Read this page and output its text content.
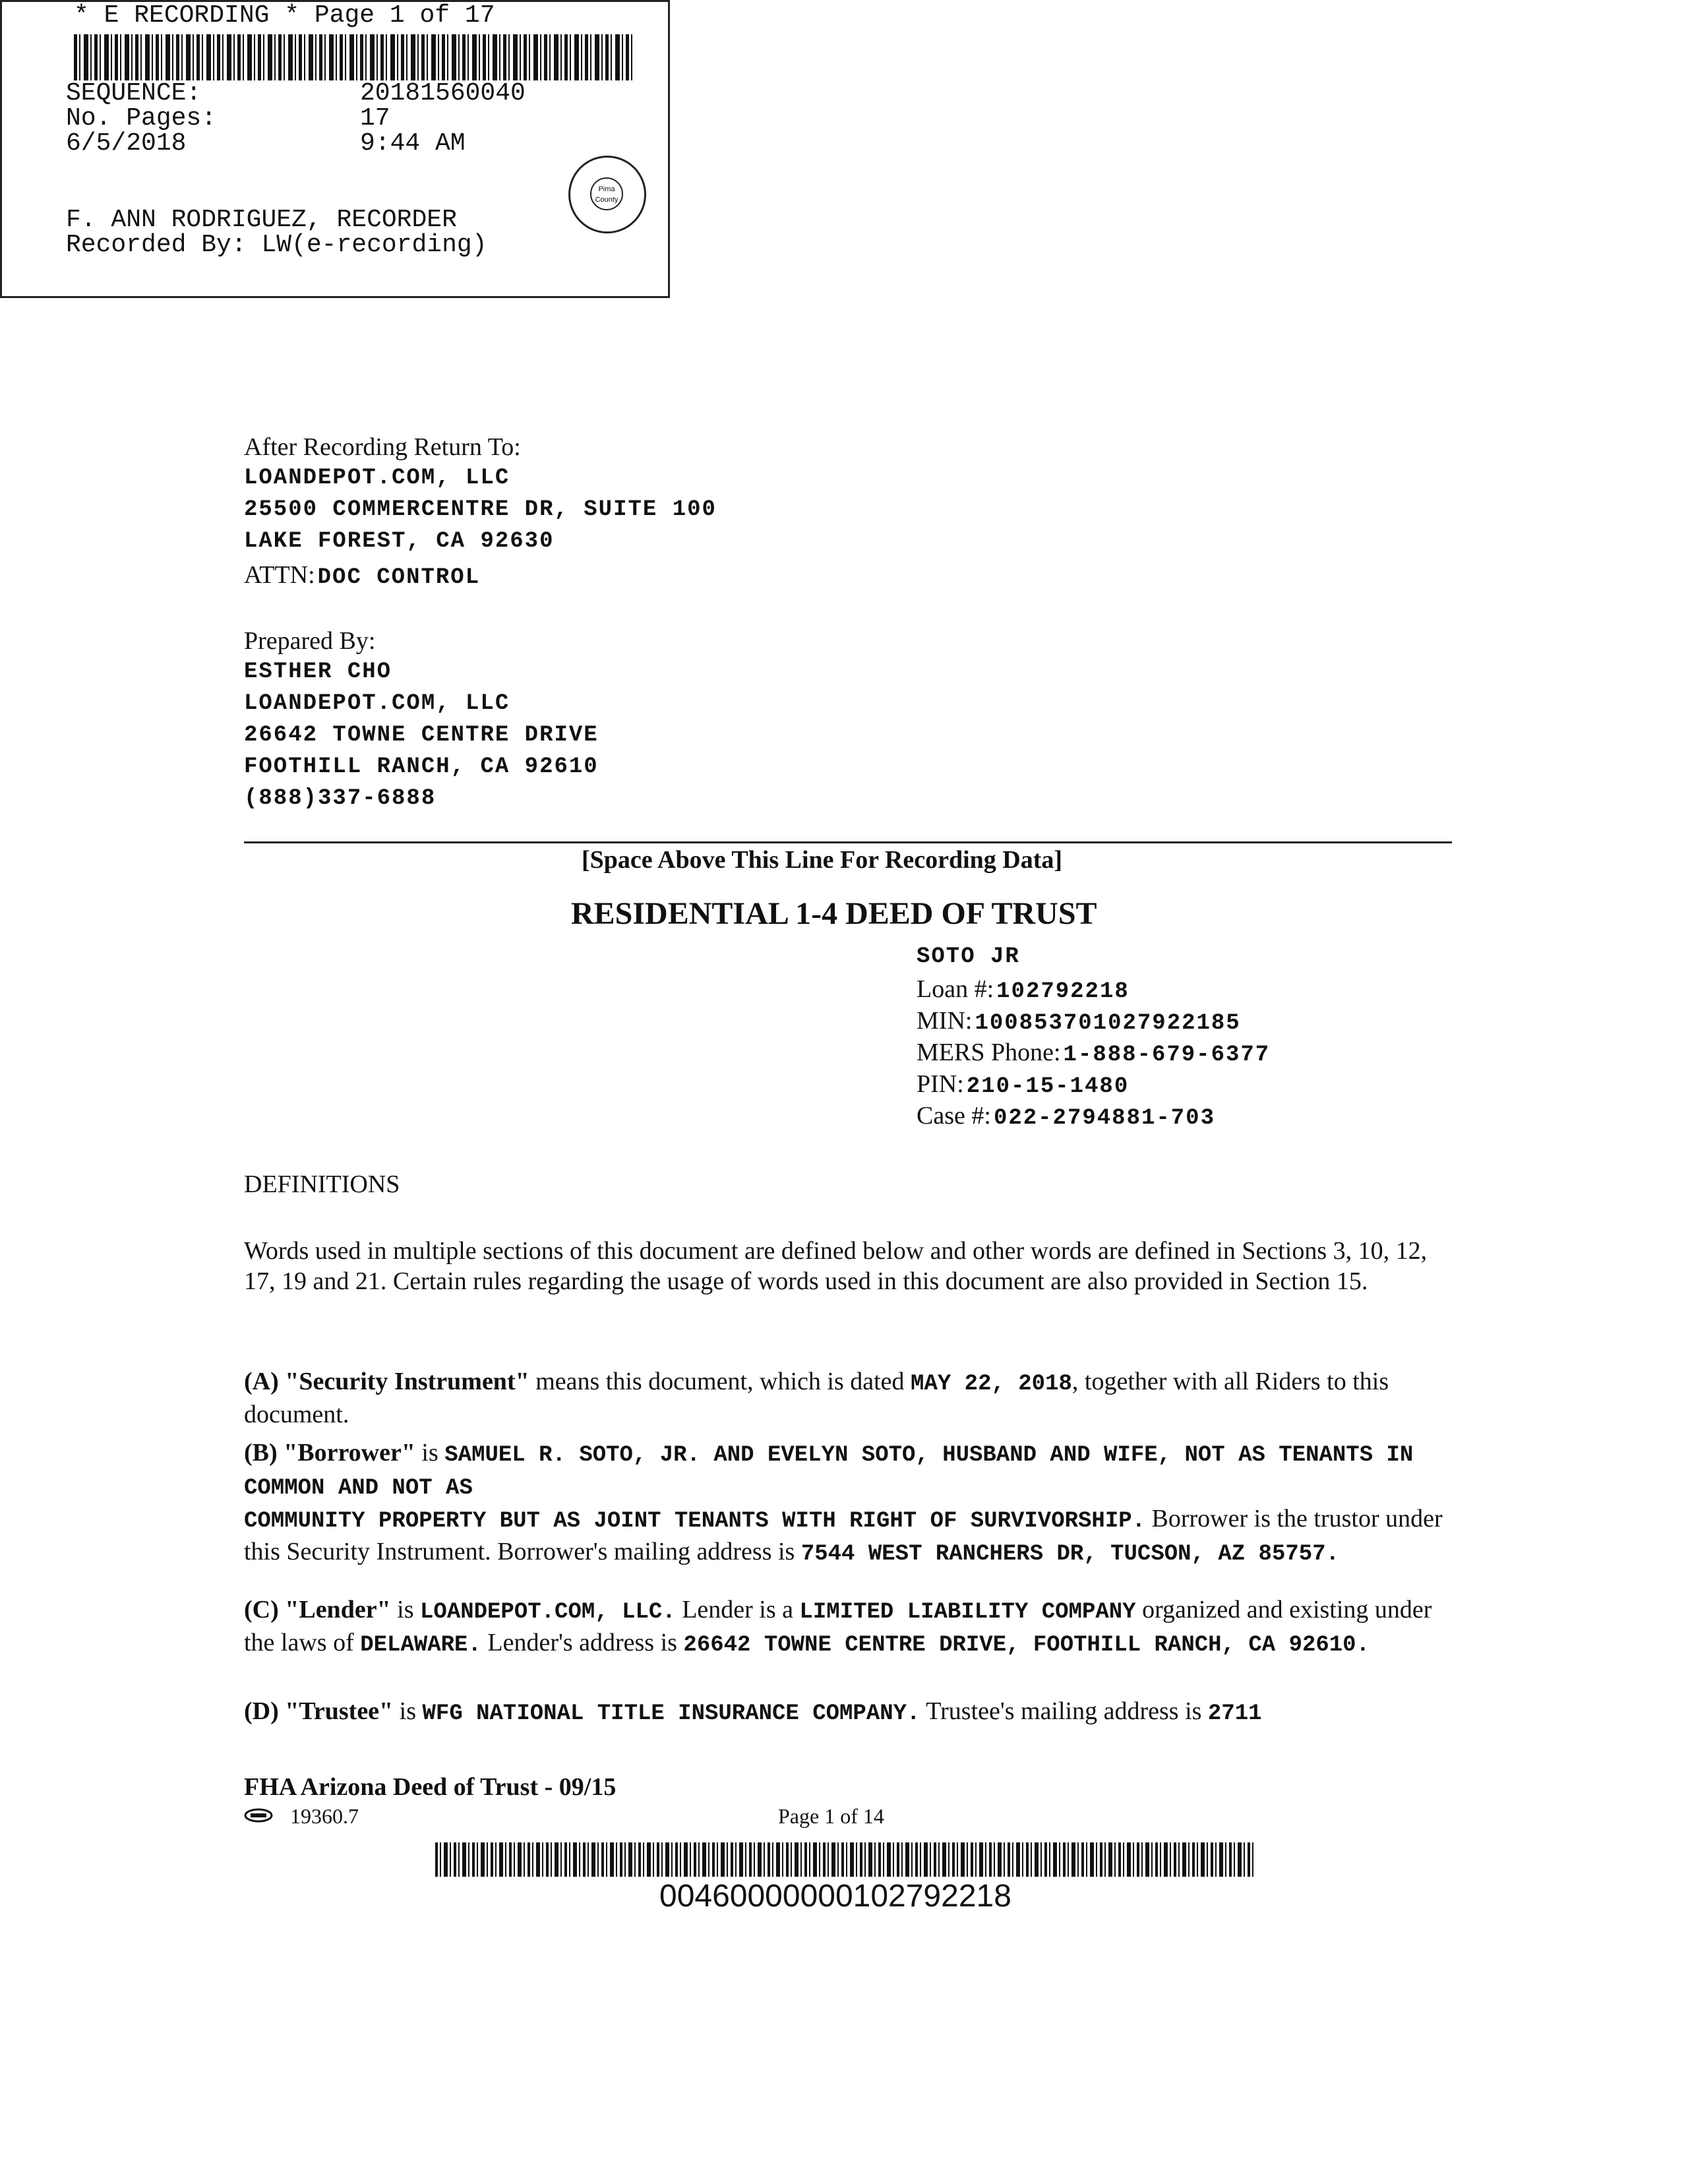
* E RECORDING * Page 1 of 17
SEQUENCE:	20181560040
No. Pages:	17
6/5/2018	9:44 AM
F. ANN RODRIGUEZ, RECORDER
Recorded By: LW(e-recording)
Pima County
After Recording Return To:
LOANDEPOT.COM, LLC
25500 COMMERCENTRE DR, SUITE 100
LAKE FOREST, CA 92630
ATTN: DOC CONTROL
Prepared By:
ESTHER CHO
LOANDEPOT.COM, LLC
26642 TOWNE CENTRE DRIVE
FOOTHILL RANCH, CA 92610
(888)337-6888
[Space Above This Line For Recording Data]
RESIDENTIAL 1-4 DEED OF TRUST
SOTO JR
Loan #: 102792218
MIN: 100853701027922185
MERS Phone: 1-888-679-6377
PIN: 210-15-1480
Case #: 022-2794881-703
DEFINITIONS
Words used in multiple sections of this document are defined below and other words are defined in Sections 3, 10, 12, 17, 19 and 21. Certain rules regarding the usage of words used in this document are also provided in Section 15.
(A) "Security Instrument" means this document, which is dated MAY 22, 2018, together with all Riders to this document.
(B) "Borrower" is SAMUEL R. SOTO, JR. AND EVELYN SOTO, HUSBAND AND WIFE, NOT AS TENANTS IN COMMON AND NOT AS
COMMUNITY PROPERTY BUT AS JOINT TENANTS WITH RIGHT OF SURVIVORSHIP. Borrower is the trustor under this Security Instrument. Borrower's mailing address is 7544 WEST RANCHERS DR, TUCSON, AZ 85757.
(C) "Lender" is LOANDEPOT.COM, LLC. Lender is a LIMITED LIABILITY COMPANY organized and existing under the laws of DELAWARE. Lender's address is 26642 TOWNE CENTRE DRIVE, FOOTHILL RANCH, CA 92610.
(D) "Trustee" is WFG NATIONAL TITLE INSURANCE COMPANY. Trustee's mailing address is 2711
FHA Arizona Deed of Trust - 09/15
19360.7	Page 1 of 14
00460000000102792218
